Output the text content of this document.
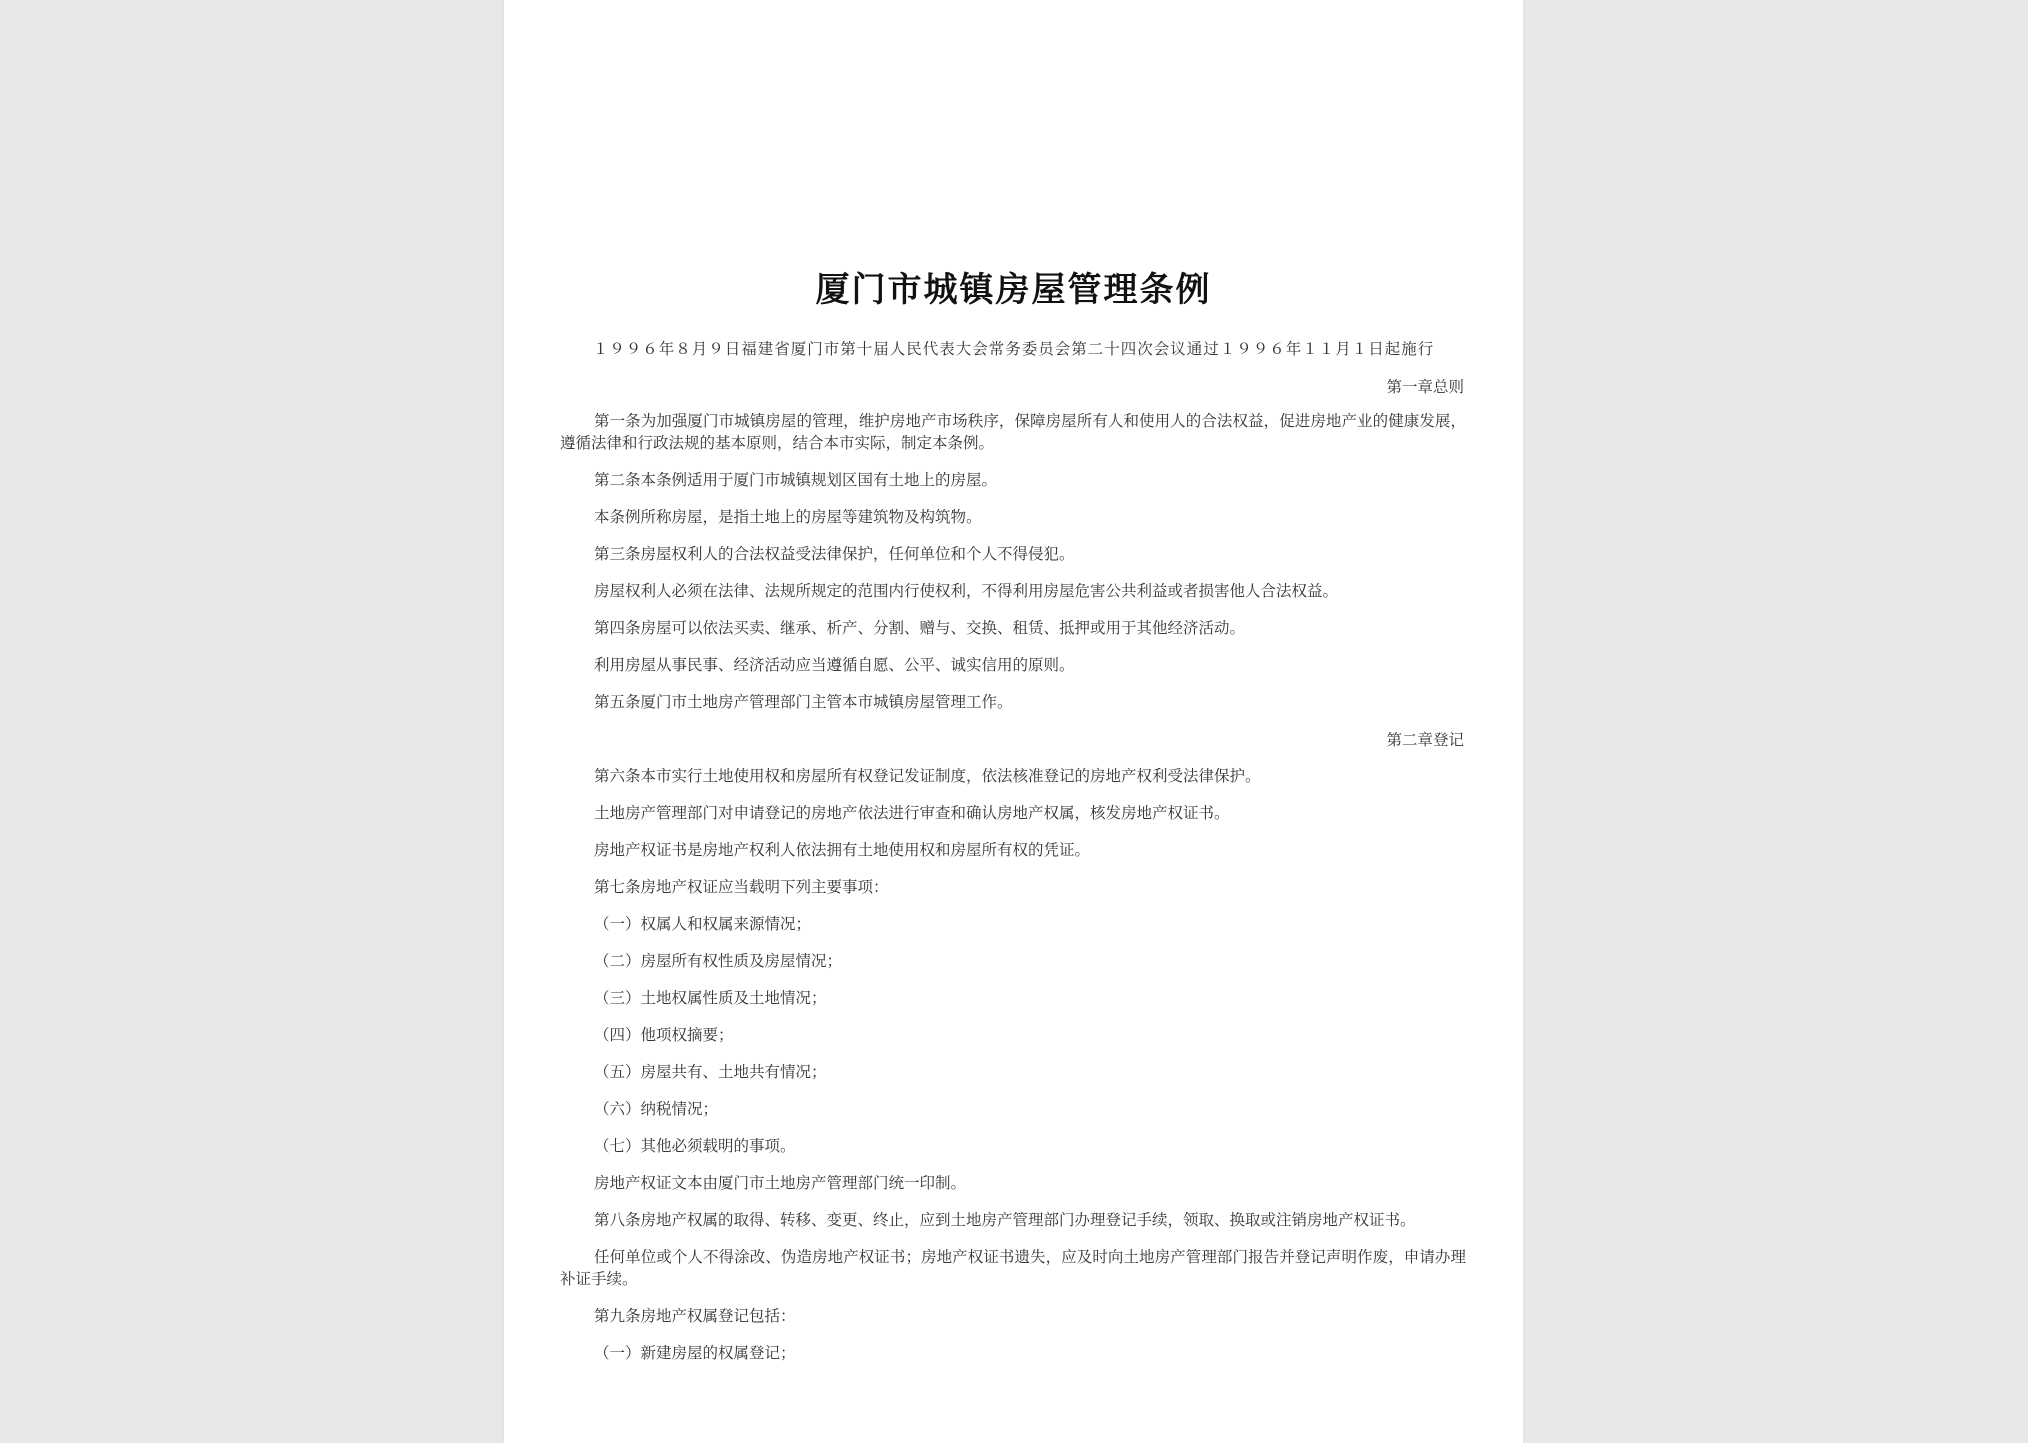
厦门市城镇房屋管理条例
１９９６年８月９日福建省厦门市第十届人民代表大会常务委员会第二十四次会议通过１９９６年１１月１日起施行
第一章总则
第一条为加强厦门市城镇房屋的管理，维护房地产市场秩序，保障房屋所有人和使用人的合法权益，促进房地产业的健康发展，遵循法律和行政法规的基本原则，结合本市实际，制定本条例。
第二条本条例适用于厦门市城镇规划区国有土地上的房屋。
本条例所称房屋，是指土地上的房屋等建筑物及构筑物。
第三条房屋权利人的合法权益受法律保护，任何单位和个人不得侵犯。
房屋权利人必须在法律、法规所规定的范围内行使权利，不得利用房屋危害公共利益或者损害他人合法权益。
第四条房屋可以依法买卖、继承、析产、分割、赠与、交换、租赁、抵押或用于其他经济活动。
利用房屋从事民事、经济活动应当遵循自愿、公平、诚实信用的原则。
第五条厦门市土地房产管理部门主管本市城镇房屋管理工作。
第二章登记
第六条本市实行土地使用权和房屋所有权登记发证制度，依法核准登记的房地产权利受法律保护。
土地房产管理部门对申请登记的房地产依法进行审查和确认房地产权属，核发房地产权证书。
房地产权证书是房地产权利人依法拥有土地使用权和房屋所有权的凭证。
第七条房地产权证应当载明下列主要事项：
（一）权属人和权属来源情况；
（二）房屋所有权性质及房屋情况；
（三）土地权属性质及土地情况；
（四）他项权摘要；
（五）房屋共有、土地共有情况；
（六）纳税情况；
（七）其他必须载明的事项。
房地产权证文本由厦门市土地房产管理部门统一印制。
第八条房地产权属的取得、转移、变更、终止，应到土地房产管理部门办理登记手续，领取、换取或注销房地产权证书。
任何单位或个人不得涂改、伪造房地产权证书；房地产权证书遗失，应及时向土地房产管理部门报告并登记声明作废，申请办理补证手续。
第九条房地产权属登记包括：
（一）新建房屋的权属登记；
